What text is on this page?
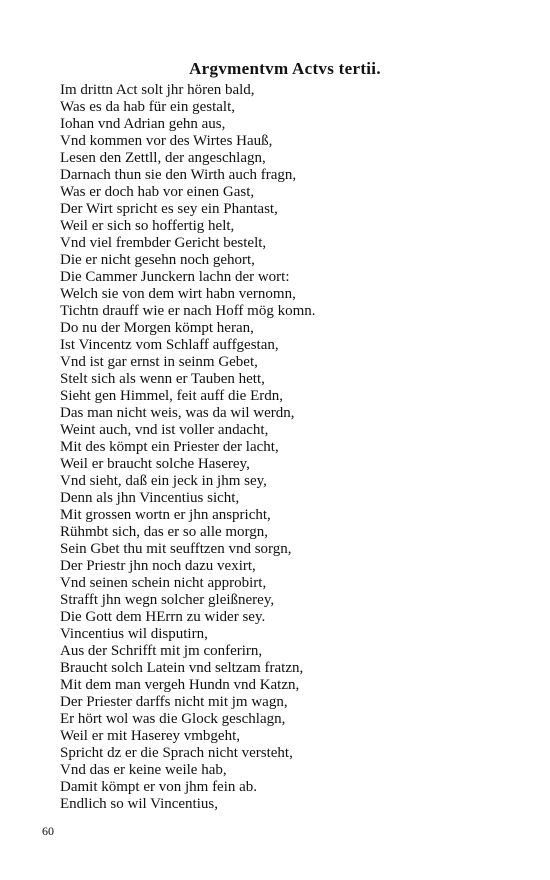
Argvmentvm Actvs tertii.
Im drittn Act solt jhr hören bald,
Was es da hab für ein gestalt,
Iohan vnd Adrian gehn aus,
Vnd kommen vor des Wirtes Hauß,
Lesen den Zettll, der angeschlagn,
Darnach thun sie den Wirth auch fragn,
Was er doch hab vor einen Gast,
Der Wirt spricht es sey ein Phantast,
Weil er sich so hoffertig helt,
Vnd viel frembder Gericht bestelt,
Die er nicht gesehn noch gehort,
Die Cammer Junckern lachn der wort:
Welch sie von dem wirt habn vernomn,
Tichtn drauff wie er nach Hoff mög komn.
Do nu der Morgen kömpt heran,
Ist Vincentz vom Schlaff auffgestan,
Vnd ist gar ernst in seinm Gebet,
Stelt sich als wenn er Tauben hett,
Sieht gen Himmel, feit auff die Erdn,
Das man nicht weis, was da wil werdn,
Weint auch, vnd ist voller andacht,
Mit des kömpt ein Priester der lacht,
Weil er braucht solche Haserey,
Vnd sieht, daß ein jeck in jhm sey,
Denn als jhn Vincentius sicht,
Mit grossen wortn er jhn anspricht,
Rühmbt sich, das er so alle morgn,
Sein Gbet thu mit seufftzen vnd sorgn,
Der Priestr jhn noch dazu vexirt,
Vnd seinen schein nicht approbirt,
Strafft jhn wegn solcher gleißnerey,
Die Gott dem HErrn zu wider sey.
Vincentius wil disputirn,
Aus der Schrifft mit jm conferirn,
Braucht solch Latein vnd seltzam fratzn,
Mit dem man vergeh Hundn vnd Katzn,
Der Priester darffs nicht mit jm wagn,
Er hört wol was die Glock geschlagn,
Weil er mit Haserey vmbgeht,
Spricht dz er die Sprach nicht versteht,
Vnd das er keine weile hab,
Damit kömpt er von jhm fein ab.
Endlich so wil Vincentius,
60
